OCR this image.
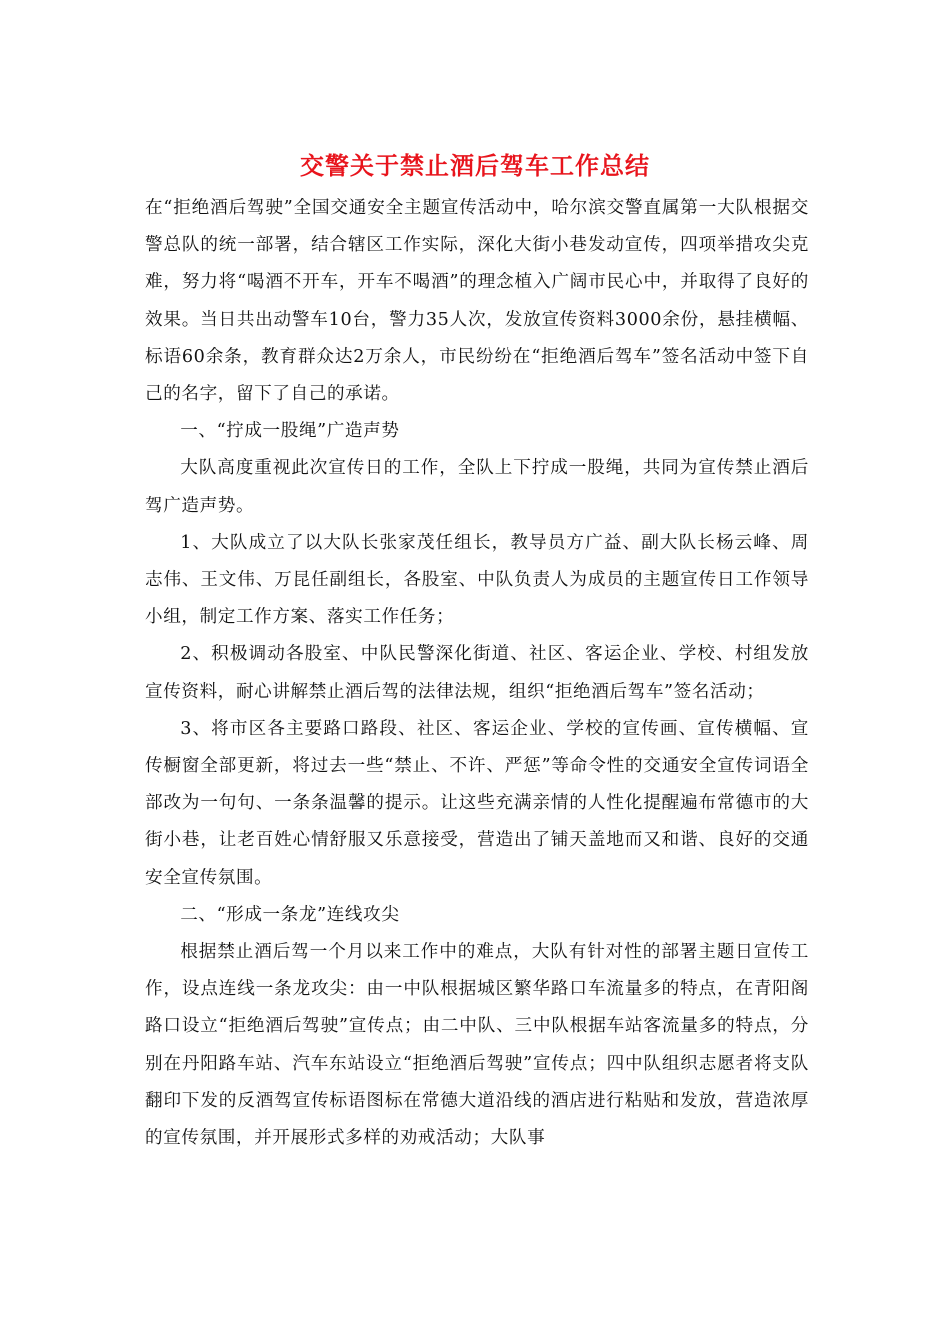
交警关于禁止酒后驾车工作总结

在“拒绝酒后驾驶”全国交通安全主题宣传活动中，哈尔滨交警直属第一大队根据交警总队的统一部署，结合辖区工作实际，深化大街小巷发动宣传，四项举措攻尖克难，努力将“喝酒不开车，开车不喝酒”的理念植入广阔市民心中，并取得了良好的效果。当日共出动警车10台，警力35人次，发放宣传资料3000余份，悬挂横幅、标语60余条，教育群众达2万余人，市民纷纷在“拒绝酒后驾车”签名活动中签下自己的名字，留下了自己的承诺。

一、“拧成一股绳”广造声势

大队高度重视此次宣传日的工作，全队上下拧成一股绳，共同为宣传禁止酒后驾广造声势。

1、大队成立了以大队长张家茂任组长，教导员方广益、副大队长杨云峰、周志伟、王文伟、万昆任副组长，各股室、中队负责人为成员的主题宣传日工作领导小组，制定工作方案、落实工作任务；

2、积极调动各股室、中队民警深化街道、社区、客运企业、学校、村组发放宣传资料，耐心讲解禁止酒后驾的法律法规，组织“拒绝酒后驾车”签名活动；

3、将市区各主要路口路段、社区、客运企业、学校的宣传画、宣传横幅、宣传橱窗全部更新，将过去一些“禁止、不许、严惩”等命令性的交通安全宣传词语全部改为一句句、一条条温馨的提示。让这些充满亲情的人性化提醒遍布常德市的大街小巷，让老百姓心情舒服又乐意接受，营造出了铺天盖地而又和谐、良好的交通安全宣传氛围。

二、“形成一条龙”连线攻尖

根据禁止酒后驾一个月以来工作中的难点，大队有针对性的部署主题日宣传工作，设点连线一条龙攻尖：由一中队根据城区繁华路口车流量多的特点，在青阳阁路口设立“拒绝酒后驾驶”宣传点；由二中队、三中队根据车站客流量多的特点，分别在丹阳路车站、汽车东站设立“拒绝酒后驾驶”宣传点；四中队组织志愿者将支队翻印下发的反酒驾宣传标语图标在常德大道沿线的酒店进行粘贴和发放，营造浓厚的宣传氛围，并开展形式多样的劝戒活动；大队事
